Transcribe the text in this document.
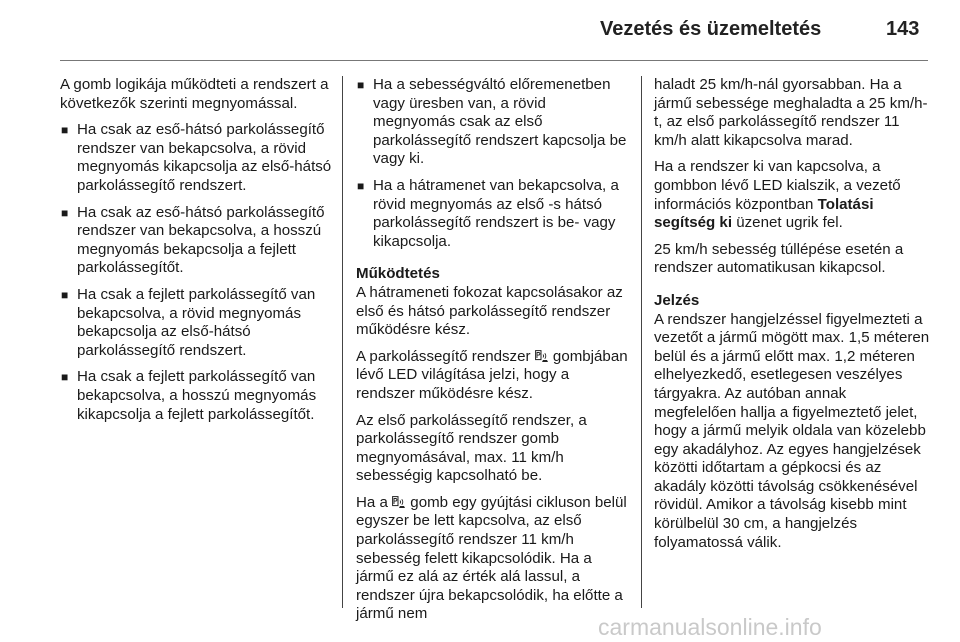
Vezetés és üzemeltetés	143

A gomb logikája működteti a rendszert a következők szerinti megnyomással.

■ Ha csak az eső-hátsó parkolássegítő rendszer van bekapcsolva, a rövid megnyomás kikapcsolja az első-hátsó parkolássegítő rendszert.
■ Ha csak az eső-hátsó parkolássegítő rendszer van bekapcsolva, a hosszú megnyomás bekapcsolja a fejlett parkolássegítőt.
■ Ha csak a fejlett parkolássegítő van bekapcsolva, a rövid megnyomás bekapcsolja az első-hátsó parkolássegítő rendszert.
■ Ha csak a fejlett parkolássegítő van bekapcsolva, a hosszú megnyomás kikapcsolja a fejlett parkolássegítőt.
■ Ha a sebességváltó előremenetben vagy üresben van, a rövid megnyomás csak az első parkolássegítő rendszert kapcsolja be vagy ki.
■ Ha a hátramenet van bekapcsolva, a rövid megnyomás az első -s hátsó parkolássegítő rendszert is be- vagy kikapcsolja.
Működtetés

A hátrameneti fokozat kapcsolásakor az első és hátsó parkolássegítő rendszer működésre kész.

A parkolássegítő rendszer gombjában lévő LED világítása jelzi, hogy a rendszer működésre kész.

Az első parkolássegítő rendszer, a parkolássegítő rendszer gomb megnyomásával, max. 11 km/h sebességig kapcsolható be.

Ha a gomb egy gyújtási cikluson belül egyszer be lett kapcsolva, az első parkolássegítő rendszer 11 km/h sebesség felett kikapcsolódik. Ha a jármű ez alá az érték alá lassul, a rendszer újra bekapcsolódik, ha előtte a jármű nem

haladt 25 km/h-nál gyorsabban. Ha a jármű sebessége meghaladta a 25 km/h-t, az első parkolássegítő rendszer 11 km/h alatt kikapcsolva marad.

Ha a rendszer ki van kapcsolva, a gombbon lévő LED kialszik, a vezető információs központban Tolatási segítség ki üzenet ugrik fel.

25 km/h sebesség túllépése esetén a rendszer automatikusan kikapcsol.

Jelzés

A rendszer hangjelzéssel figyelmezteti a vezetőt a jármű mögött max. 1,5 méteren belül és a jármű előtt max. 1,2 méteren elhelyezkedő, esetlegesen veszélyes tárgyakra. Az autóban annak megfelelően hallja a figyelmeztető jelet, hogy a jármű melyik oldala van közelebb egy akadályhoz. Az egyes hangjelzések közötti időtartam a gépkocsi és az akadály közötti távolság csökkenésével rövidül. Amikor a távolság kisebb mint körülbelül 30 cm, a hangjelzés folyamatossá válik.

carmanualsonline.info
